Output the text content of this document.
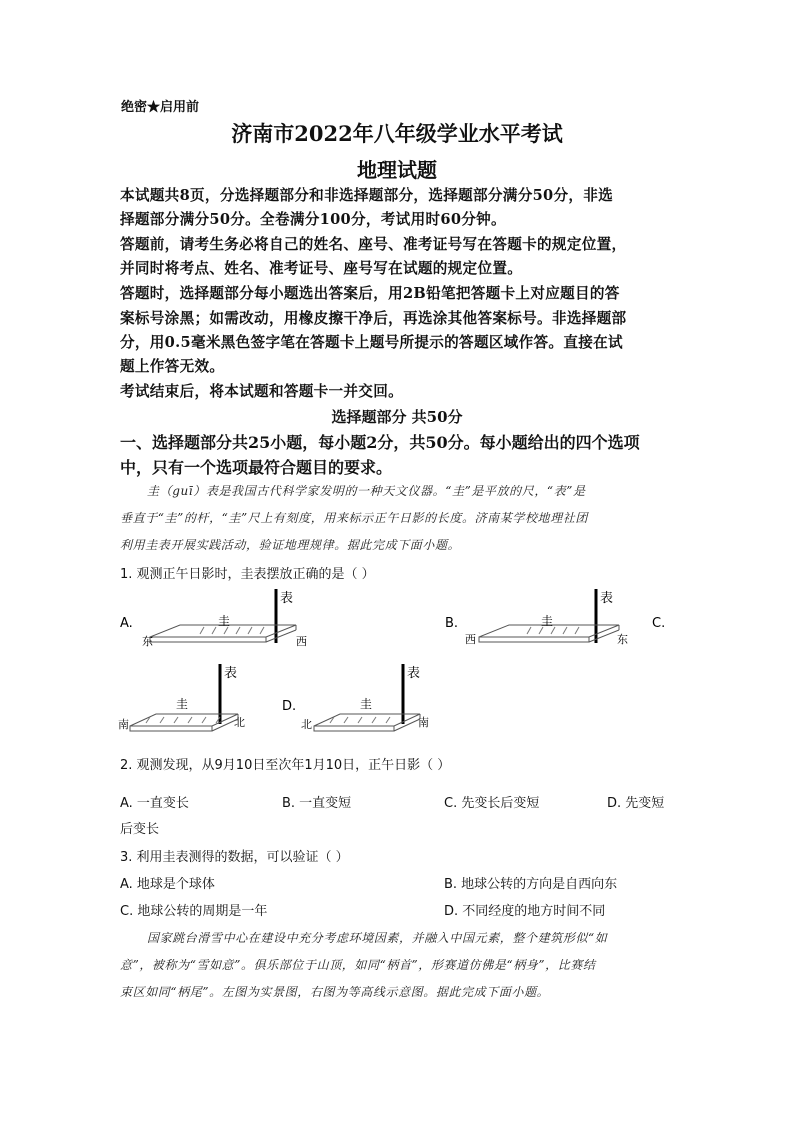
绝密★启用前
济南市2022年八年级学业水平考试
地理试题
本试题共8页，分选择题部分和非选择题部分，选择题部分满分50分，非选
择题部分满分50分。全卷满分100分，考试用时60分钟。
答题前，请考生务必将自己的姓名、座号、准考证号写在答题卡的规定位置，
并同时将考点、姓名、准考证号、座号写在试题的规定位置。
答题时，选择题部分每小题选出答案后，用2B铅笔把答题卡上对应题目的答
案标号涂黑；如需改动，用橡皮擦干净后，再选涂其他答案标号。非选择题部
分，用0.5毫米黑色签字笔在答题卡上题号所提示的答题区域作答。直接在试
题上作答无效。
考试结束后，将本试题和答题卡一并交回。
选择题部分 共50分
一、选择题部分共25小题，每小题2分，共50分。每小题给出的四个选项
中，只有一个选项最符合题目的要求。
圭（guī）表是我国古代科学家发明的一种天文仪器。“圭”是平放的尺，“表”是
垂直于“圭”的杆，“圭”尺上有刻度，用来标示正午日影的长度。济南某学校地理社团
利用圭表开展实践活动，验证地理规律。据此完成下面小题。
1. 观测正午日影时，圭表摆放正确的是（ ）
A.
表
圭
东	西
B.
表
圭
西	东
C.
表
圭
南	北
D.
表
圭
北	南
2. 观测发现，从9月10日至次年1月10日，正午日影（ ）
A. 一直变长	B. 一直变短	C. 先变长后变短	D. 先变短
后变长
3. 利用圭表测得的数据，可以验证（ ）
A. 地球是个球体	B. 地球公转的方向是自西向东
C. 地球公转的周期是一年	D. 不同经度的地方时间不同
国家跳台滑雪中心在建设中充分考虑环境因素，并融入中国元素，整个建筑形似“如
意”，被称为“雪如意”。俱乐部位于山顶，如同“柄首”，形赛道仿佛是“柄身”，比赛结
束区如同“柄尾”。左图为实景图，右图为等高线示意图。据此完成下面小题。
